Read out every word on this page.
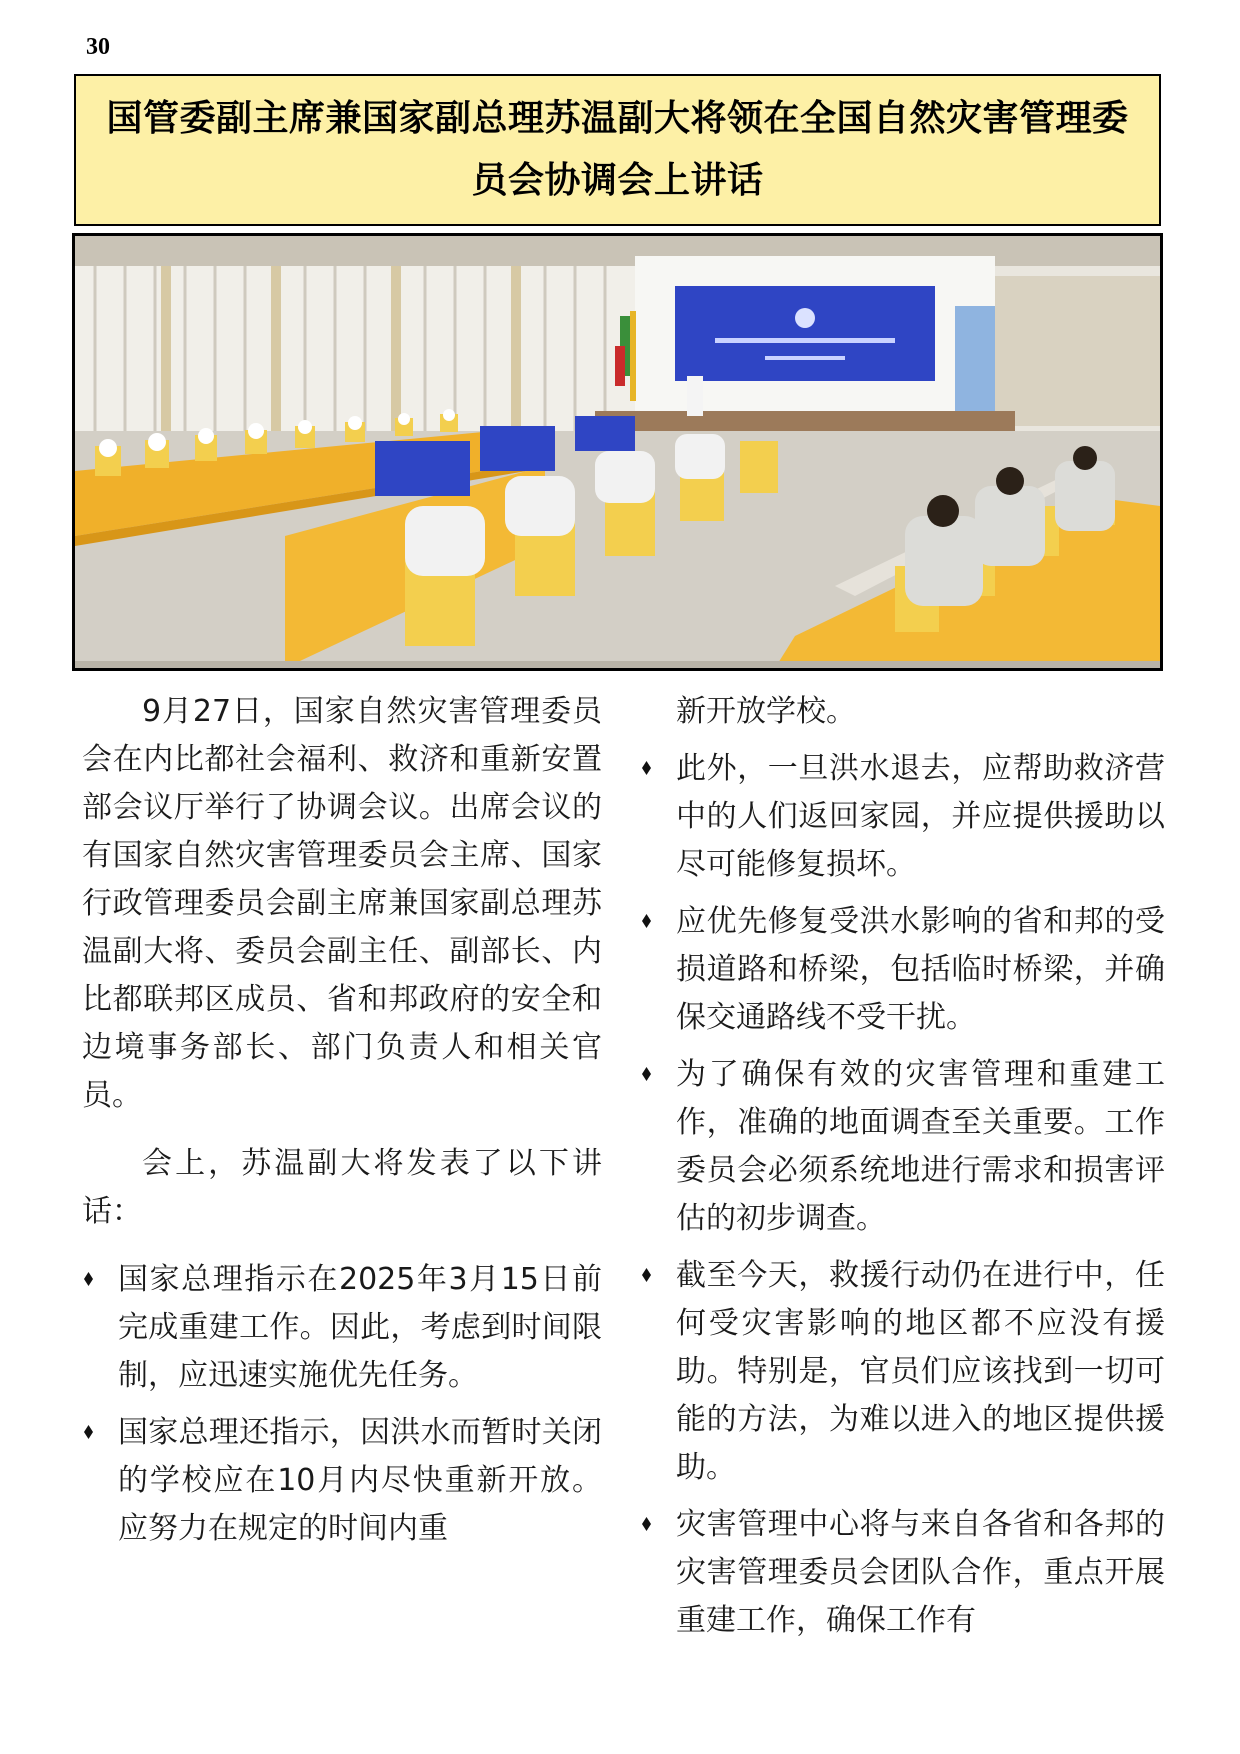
30
国管委副主席兼国家副总理苏温副大将领在全国自然灾害管理委员会协调会上讲话

9月27日，国家自然灾害管理委员会在内比都社会福利、救济和重新安置部会议厅举行了协调会议。出席会议的有国家自然灾害管理委员会主席、国家行政管理委员会副主席兼国家副总理苏温副大将、委员会副主任、副部长、内比都联邦区成员、省和邦政府的安全和边境事务部长、部门负责人和相关官员。

会上，苏温副大将发表了以下讲话：

国家总理指示在2025年3月15日前完成重建工作。因此，考虑到时间限制，应迅速实施优先任务。
国家总理还指示，因洪水而暂时关闭的学校应在10月内尽快重新开放。应努力在规定的时间内重
新开放学校。
此外，一旦洪水退去，应帮助救济营中的人们返回家园，并应提供援助以尽可能修复损坏。
应优先修复受洪水影响的省和邦的受损道路和桥梁，包括临时桥梁，并确保交通路线不受干扰。
为了确保有效的灾害管理和重建工作，准确的地面调查至关重要。工作委员会必须系统地进行需求和损害评估的初步调查。
截至今天，救援行动仍在进行中，任何受灾害影响的地区都不应没有援助。特别是，官员们应该找到一切可能的方法，为难以进入的地区提供援助。
灾害管理中心将与来自各省和各邦的灾害管理委员会团队合作，重点开展重建工作，确保工作有
